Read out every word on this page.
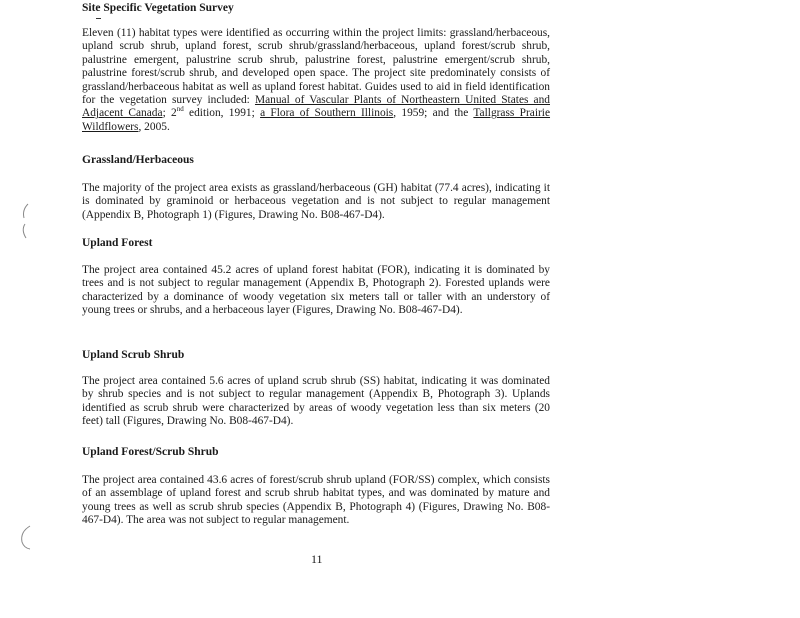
Site Specific Vegetation Survey

Eleven (11) habitat types were identified as occurring within the project limits: grassland/herbaceous, upland scrub shrub, upland forest, scrub shrub/grassland/herbaceous, upland forest/scrub shrub, palustrine emergent, palustrine scrub shrub, palustrine forest, palustrine emergent/scrub shrub, palustrine forest/scrub shrub, and developed open space. The project site predominately consists of grassland/herbaceous habitat as well as upland forest habitat. Guides used to aid in field identification for the vegetation survey included: Manual of Vascular Plants of Northeastern United States and Adjacent Canada; 2nd edition, 1991; a Flora of Southern Illinois, 1959; and the Tallgrass Prairie Wildflowers, 2005.

Grassland/Herbaceous

The majority of the project area exists as grassland/herbaceous (GH) habitat (77.4 acres), indicating it is dominated by graminoid or herbaceous vegetation and is not subject to regular management (Appendix B, Photograph 1) (Figures, Drawing No. B08-467-D4).

Upland Forest

The project area contained 45.2 acres of upland forest habitat (FOR), indicating it is dominated by trees and is not subject to regular management (Appendix B, Photograph 2). Forested uplands were characterized by a dominance of woody vegetation six meters tall or taller with an understory of young trees or shrubs, and a herbaceous layer (Figures, Drawing No. B08-467-D4).

Upland Scrub Shrub

The project area contained 5.6 acres of upland scrub shrub (SS) habitat, indicating it was dominated by shrub species and is not subject to regular management (Appendix B, Photograph 3). Uplands identified as scrub shrub were characterized by areas of woody vegetation less than six meters (20 feet) tall (Figures, Drawing No. B08-467-D4).

Upland Forest/Scrub Shrub

The project area contained 43.6 acres of forest/scrub shrub upland (FOR/SS) complex, which consists of an assemblage of upland forest and scrub shrub habitat types, and was dominated by mature and young trees as well as scrub shrub species (Appendix B, Photograph 4) (Figures, Drawing No. B08-467-D4). The area was not subject to regular management.

11
